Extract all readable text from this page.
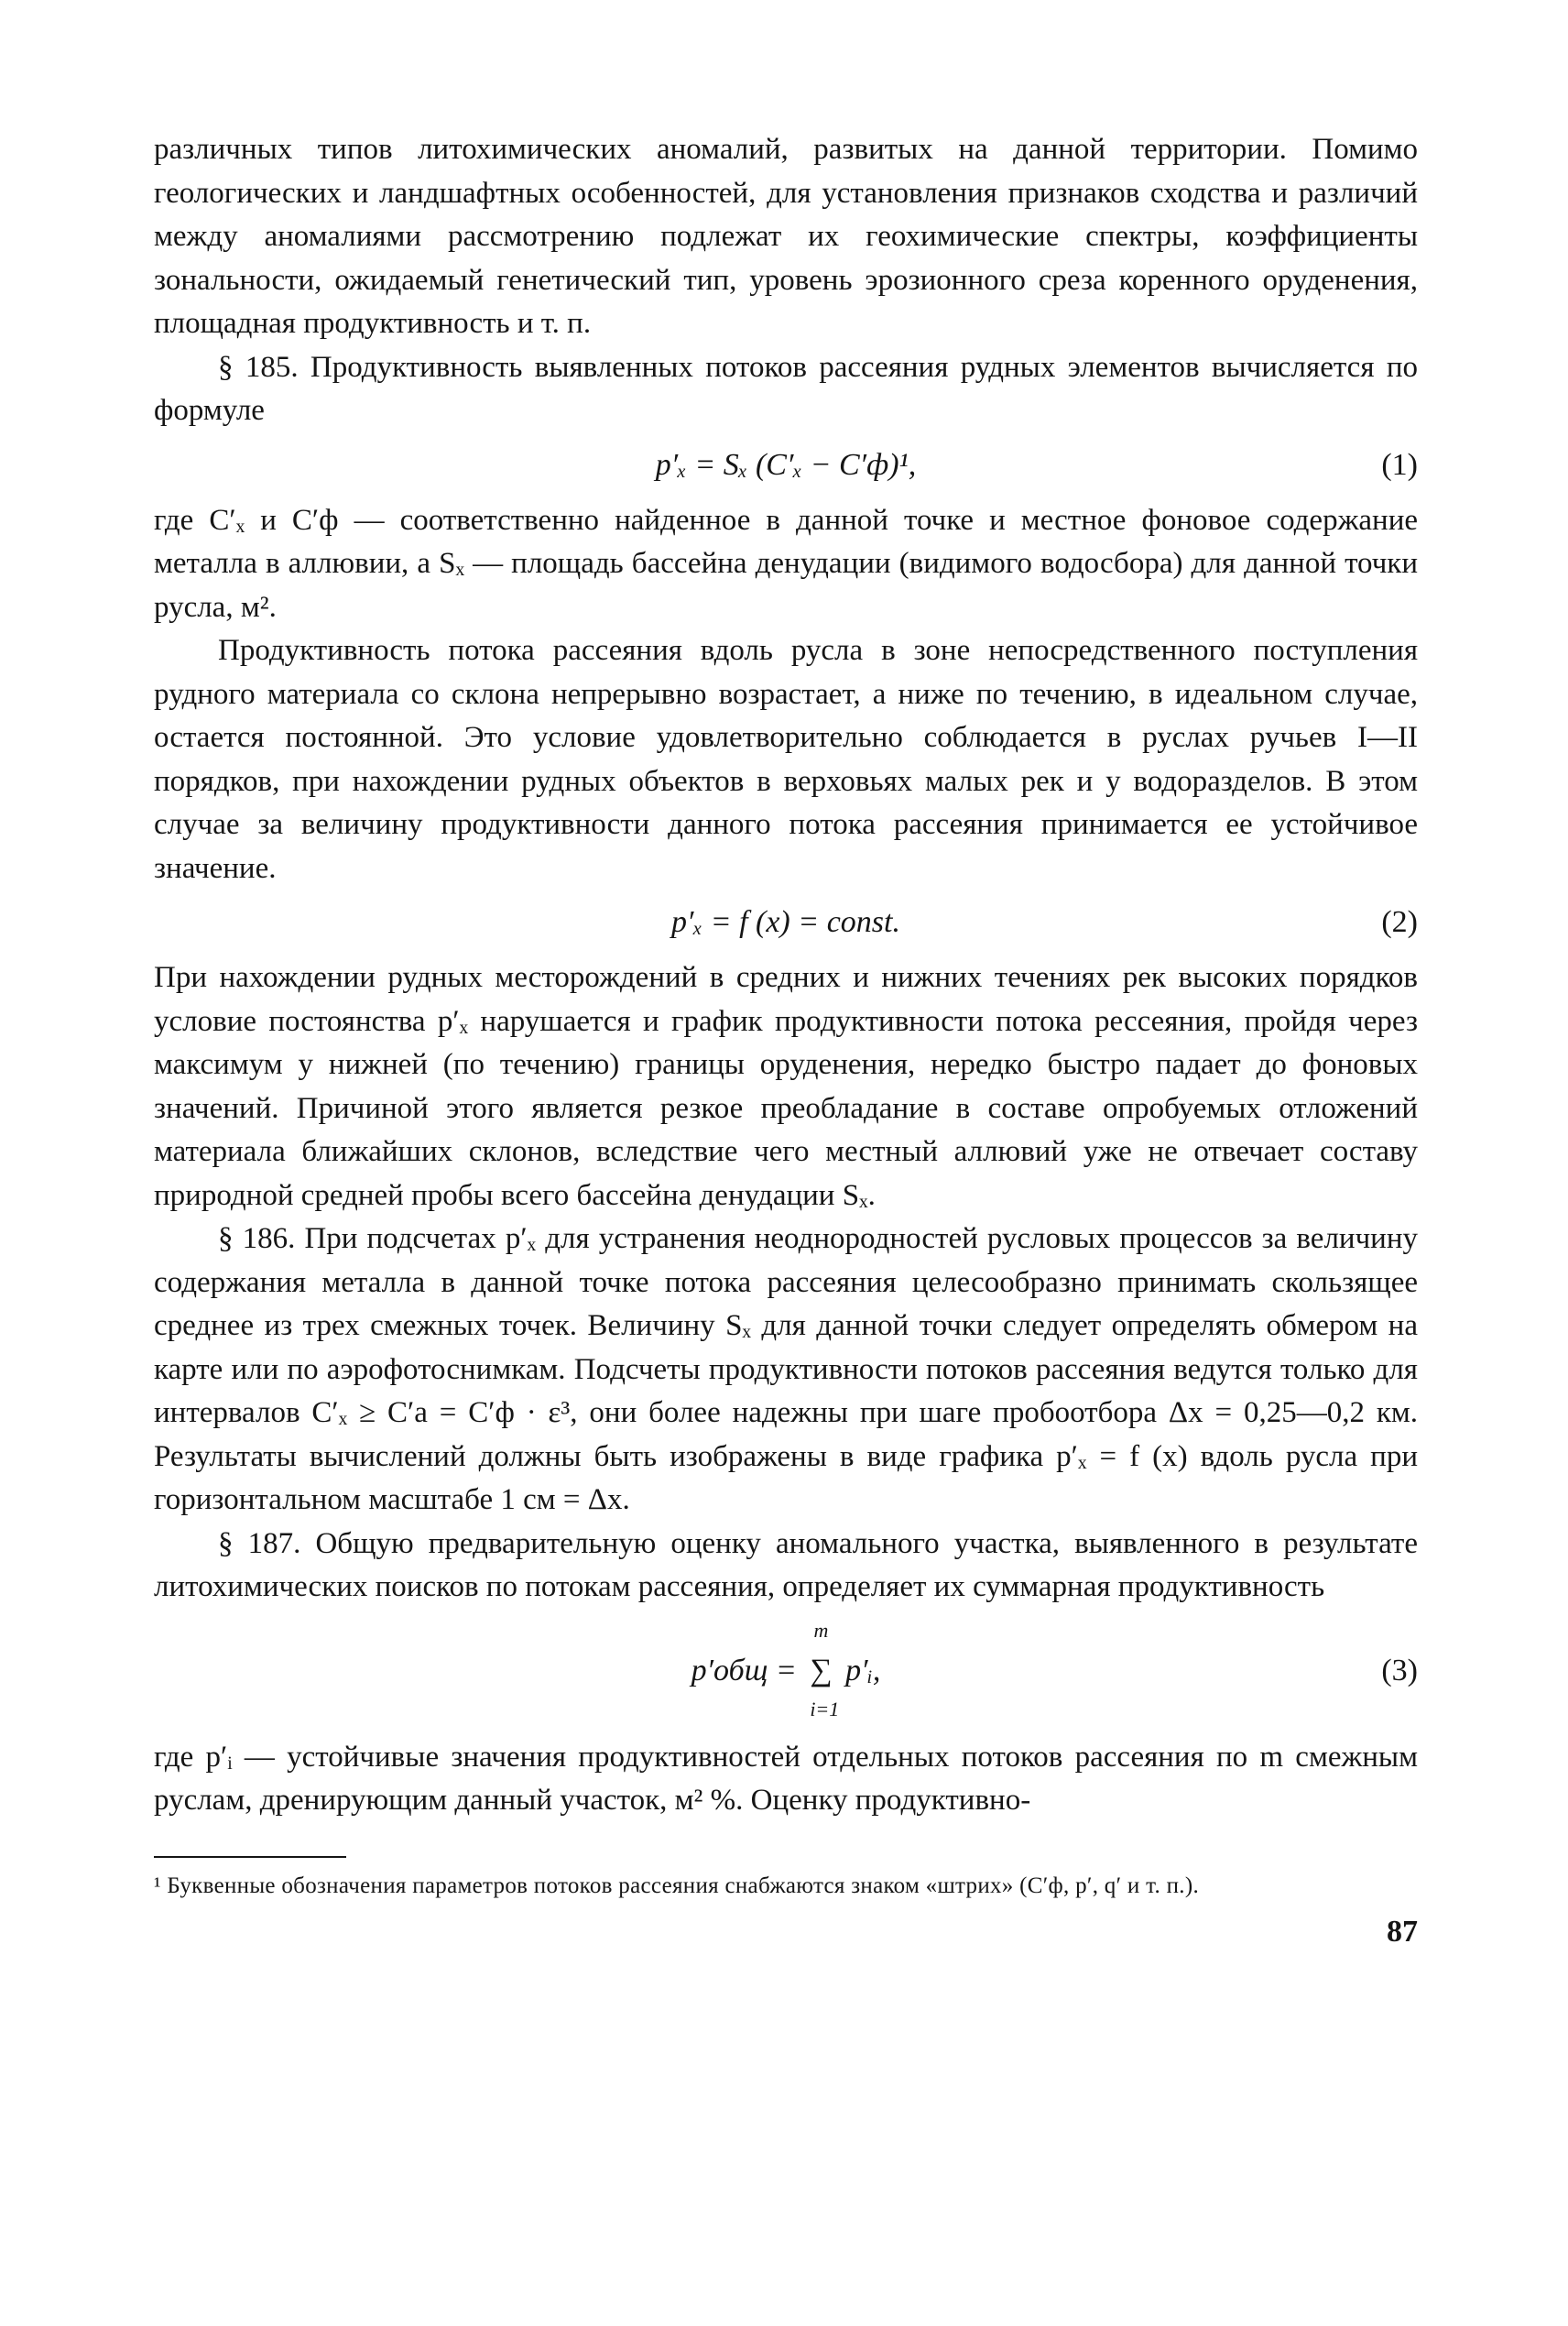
различных типов литохимических аномалий, развитых на данной территории. Помимо геологических и ландшафтных особенностей, для установления признаков сходства и различий между аномалиями рассмотрению подлежат их геохимические спектры, коэффициенты зональности, ожидаемый генетический тип, уровень эрозионного среза коренного оруденения, площадная продуктивность и т. п.

§ 185. Продуктивность выявленных потоков рассеяния рудных элементов вычисляется по формуле

p′ₓ = Sₓ (C′ₓ − C′ф)¹,	(1)

где C′ₓ и C′ф — соответственно найденное в данной точке и местное фоновое содержание металла в аллювии, а Sₓ — площадь бассейна денудации (видимого водосбора) для данной точки русла, м².

Продуктивность потока рассеяния вдоль русла в зоне непосредственного поступления рудного материала со склона непрерывно возрастает, а ниже по течению, в идеальном случае, остается постоянной. Это условие удовлетворительно соблюдается в руслах ручьев I—II порядков, при нахождении рудных объектов в верховьях малых рек и у водоразделов. В этом случае за величину продуктивности данного потока рассеяния принимается ее устойчивое значение.

p′ₓ = f (x) = const.	(2)

При нахождении рудных месторождений в средних и нижних течениях рек высоких порядков условие постоянства p′ₓ нарушается и график продуктивности потока рессеяния, пройдя через максимум у нижней (по течению) границы оруденения, нередко быстро падает до фоновых значений. Причиной этого является резкое преобладание в составе опробуемых отложений материала ближайших склонов, вследствие чего местный аллювий уже не отвечает составу природной средней пробы всего бассейна денудации Sₓ.

§ 186. При подсчетах p′ₓ для устранения неоднородностей русловых процессов за величину содержания металла в данной точке потока рассеяния целесообразно принимать скользящее среднее из трех смежных точек. Величину Sₓ для данной точки следует определять обмером на карте или по аэрофотоснимкам. Подсчеты продуктивности потоков рассеяния ведутся только для интервалов C′ₓ ≥ C′a = C′ф · ε³, они более надежны при шаге пробоотбора Δx = 0,25—0,2 км. Результаты вычислений должны быть изображены в виде графика p′ₓ = f (x) вдоль русла при горизонтальном масштабе 1 см = Δx.

§ 187. Общую предварительную оценку аномального участка, выявленного в результате литохимических поисков по потокам рассеяния, определяет их суммарная продуктивность

p′общ =
m
∑
i=1
p′ᵢ,	(3)

где p′ᵢ — устойчивые значения продуктивностей отдельных потоков рассеяния по m смежным руслам, дренирующим данный участок, м² %. Оценку продуктивно-

¹ Буквенные обозначения параметров потоков рассеяния снабжаются знаком «штрих» (C′ф, p′, q′ и т. п.).

87
